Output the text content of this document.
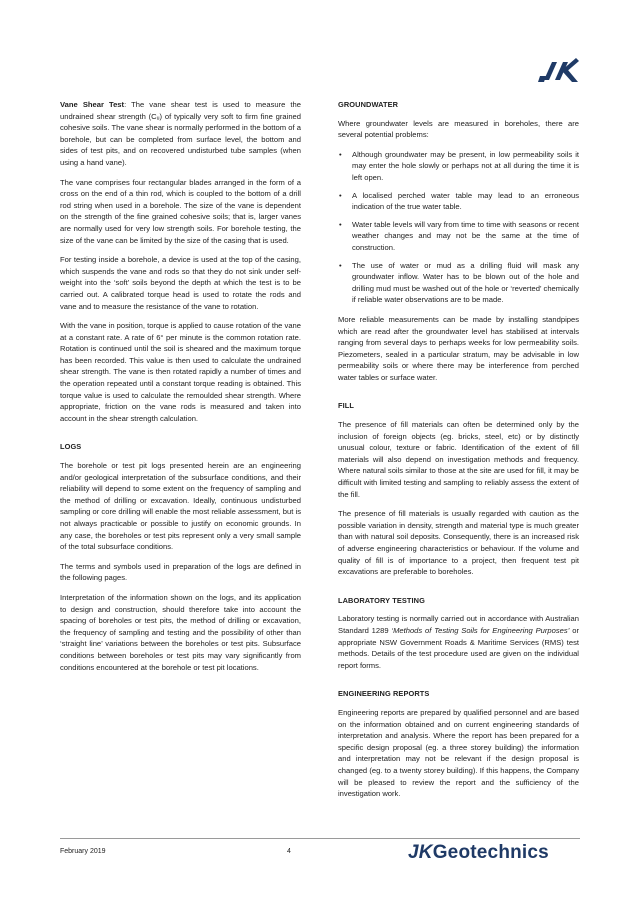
Vane Shear Test: The vane shear test is used to measure the undrained shear strength (Cᵤ) of typically very soft to firm fine grained cohesive soils. The vane shear is normally performed in the bottom of a borehole, but can be completed from surface level, the bottom and sides of test pits, and on recovered undisturbed tube samples (when using a hand vane).

The vane comprises four rectangular blades arranged in the form of a cross on the end of a thin rod, which is coupled to the bottom of a drill rod string when used in a borehole. The size of the vane is dependent on the strength of the fine grained cohesive soils; that is, larger vanes are normally used for very low strength soils. For borehole testing, the size of the vane can be limited by the size of the casing that is used.

For testing inside a borehole, a device is used at the top of the casing, which suspends the vane and rods so that they do not sink under self-weight into the ‘soft’ soils beyond the depth at which the test is to be carried out. A calibrated torque head is used to rotate the rods and vane and to measure the resistance of the vane to rotation.

With the vane in position, torque is applied to cause rotation of the vane at a constant rate. A rate of 6° per minute is the common rotation rate. Rotation is continued until the soil is sheared and the maximum torque has been recorded. This value is then used to calculate the undrained shear strength. The vane is then rotated rapidly a number of times and the operation repeated until a constant torque reading is obtained. This torque value is used to calculate the remoulded shear strength. Where appropriate, friction on the vane rods is measured and taken into account in the shear strength calculation.

LOGS

The borehole or test pit logs presented herein are an engineering and/or geological interpretation of the subsurface conditions, and their reliability will depend to some extent on the frequency of sampling and the method of drilling or excavation. Ideally, continuous undisturbed sampling or core drilling will enable the most reliable assessment, but is not always practicable or possible to justify on economic grounds. In any case, the boreholes or test pits represent only a very small sample of the total subsurface conditions.

The terms and symbols used in preparation of the logs are defined in the following pages.

Interpretation of the information shown on the logs, and its application to design and construction, should therefore take into account the spacing of boreholes or test pits, the method of drilling or excavation, the frequency of sampling and testing and the possibility of other than ‘straight line’ variations between the boreholes or test pits. Subsurface conditions between boreholes or test pits may vary significantly from conditions encountered at the borehole or test pit locations.

GROUNDWATER

Where groundwater levels are measured in boreholes, there are several potential problems:

• Although groundwater may be present, in low permeability soils it may enter the hole slowly or perhaps not at all during the time it is left open.
• A localised perched water table may lead to an erroneous indication of the true water table.
• Water table levels will vary from time to time with seasons or recent weather changes and may not be the same at the time of construction.
• The use of water or mud as a drilling fluid will mask any groundwater inflow. Water has to be blown out of the hole and drilling mud must be washed out of the hole or ‘reverted’ chemically if reliable water observations are to be made.

More reliable measurements can be made by installing standpipes which are read after the groundwater level has stabilised at intervals ranging from several days to perhaps weeks for low permeability soils. Piezometers, sealed in a particular stratum, may be advisable in low permeability soils or where there may be interference from perched water tables or surface water.

FILL

The presence of fill materials can often be determined only by the inclusion of foreign objects (eg. bricks, steel, etc) or by distinctly unusual colour, texture or fabric. Identification of the extent of fill materials will also depend on investigation methods and frequency. Where natural soils similar to those at the site are used for fill, it may be difficult with limited testing and sampling to reliably assess the extent of the fill.

The presence of fill materials is usually regarded with caution as the possible variation in density, strength and material type is much greater than with natural soil deposits. Consequently, there is an increased risk of adverse engineering characteristics or behaviour. If the volume and quality of fill is of importance to a project, then frequent test pit excavations are preferable to boreholes.

LABORATORY TESTING

Laboratory testing is normally carried out in accordance with Australian Standard 1289 ‘Methods of Testing Soils for Engineering Purposes’ or appropriate NSW Government Roads & Maritime Services (RMS) test methods. Details of the test procedure used are given on the individual report forms.

ENGINEERING REPORTS

Engineering reports are prepared by qualified personnel and are based on the information obtained and on current engineering standards of interpretation and analysis. Where the report has been prepared for a specific design proposal (eg. a three storey building) the information and interpretation may not be relevant if the design proposal is changed (eg. to a twenty storey building). If this happens, the Company will be pleased to review the report and the sufficiency of the investigation work.

February 2019	4	JKGeotechnics
